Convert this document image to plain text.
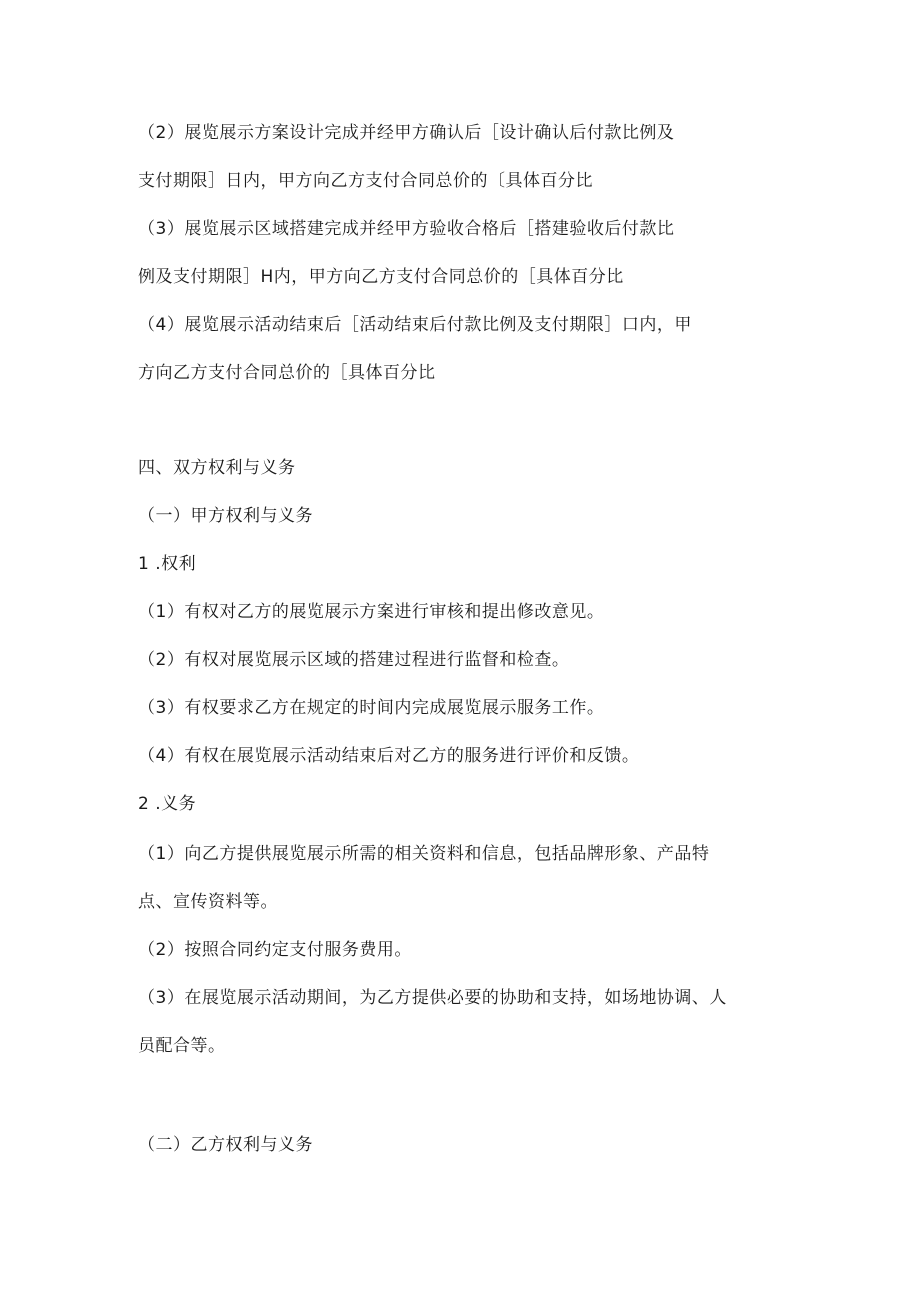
（2）展览展示方案设计完成并经甲方确认后［设计确认后付款比例及
支付期限］日内，甲方向乙方支付合同总价的〔具体百分比
（3）展览展示区域搭建完成并经甲方验收合格后［搭建验收后付款比
例及支付期限］H内，甲方向乙方支付合同总价的［具体百分比
（4）展览展示活动结束后［活动结束后付款比例及支付期限］口内，甲
方向乙方支付合同总价的［具体百分比
四、双方权利与义务
（一）甲方权利与义务
1 .权利
（1）有权对乙方的展览展示方案进行审核和提出修改意见。
（2）有权对展览展示区域的搭建过程进行监督和检查。
（3）有权要求乙方在规定的时间内完成展览展示服务工作。
（4）有权在展览展示活动结束后对乙方的服务进行评价和反馈。
2 .义务
（1）向乙方提供展览展示所需的相关资料和信息，包括品牌形象、产品特
点、宣传资料等。
（2）按照合同约定支付服务费用。
（3）在展览展示活动期间，为乙方提供必要的协助和支持，如场地协调、人
员配合等。
（二）乙方权利与义务
